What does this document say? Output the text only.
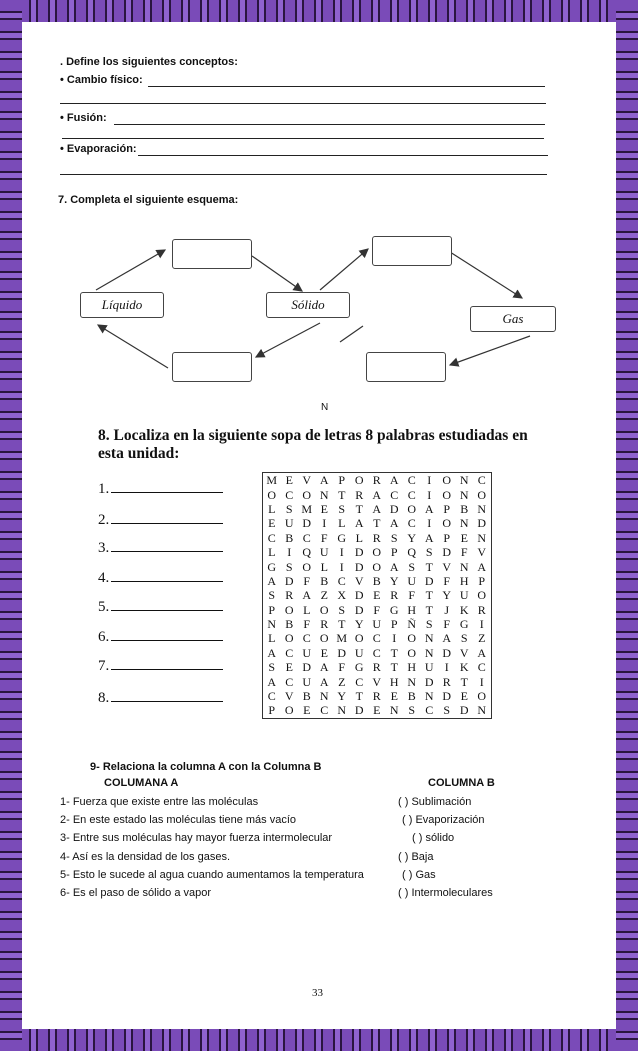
. Define los siguientes conceptos:
• Cambio físico:
• Fusión:
• Evaporación:
7. Completa el siguiente esquema:
Líquido	Sólido
Gas
N
8. Localiza en la siguiente sopa de letras 8 palabras estudiadas en esta unidad:
1.
2.
3.
4.
5.
6.
7.
8.
M	E	V	A	P	O	R	A	C	I	O	N	C
O	C	O	N	T	R	A	C	C	I	O	N	O
L	S	M	E	S	T	A	D	O	A	P	B	N
E	U	D	I	L	A	T	A	C	I	O	N	D
C	B	C	F	G	L	R	S	Y	A	P	E	N
L	I	Q	U	I	D	O	P	Q	S	D	F	V
G	S	O	L	I	D	O	A	S	T	V	N	A
A	D	F	B	C	V	B	Y	U	D	F	H	P
S	R	A	Z	X	D	E	R	F	T	Y	U	O
P	O	L	O	S	D	F	G	H	T	J	K	R
N	B	F	R	T	Y	U	P	Ñ	S	F	G	I
L	O	C	O	M	O	C	I	O	N	A	S	Z
A	C	U	E	D	U	C	T	O	N	D	V	A
S	E	D	A	F	G	R	T	H	U	I	K	C
A	C	U	A	Z	C	V	H	N	D	R	T	I
C	V	B	N	Y	T	R	E	B	N	D	E	O
P	O	E	C	N	D	E	N	S	C	S	D	N
9- Relaciona la columna A con la Columna B
COLUMANA A	COLUMNA B
1- Fuerza que existe entre las moléculas	( ) Sublimación
2- En este estado las moléculas tiene más vacío	( ) Evaporización
3- Entre sus moléculas hay mayor fuerza intermolecular	( ) sólido
4- Así es la densidad de los gases.	( ) Baja
5- Esto le sucede al agua cuando aumentamos la temperatura	( ) Gas
6- Es el paso de sólido a vapor	( ) Intermoleculares
33
